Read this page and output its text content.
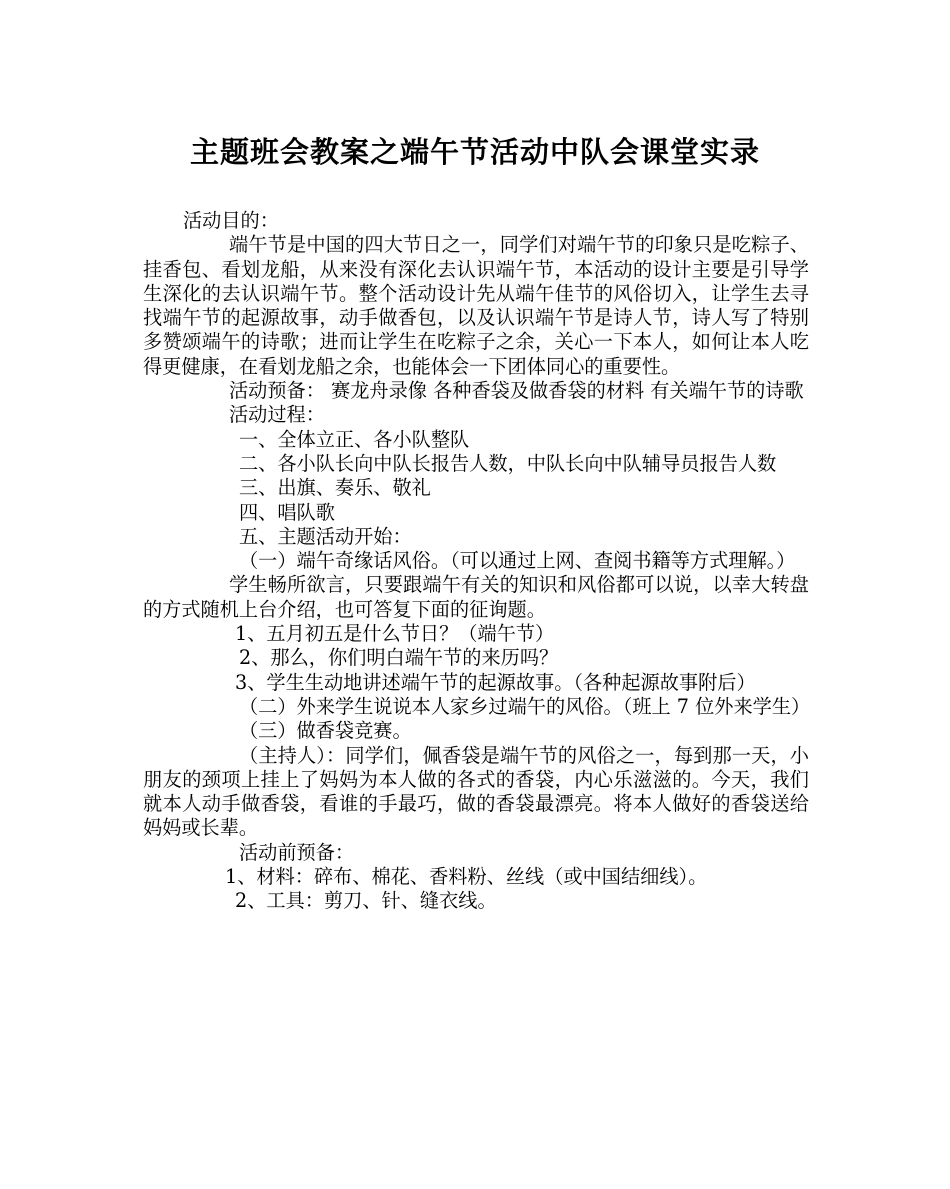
主题班会教案之端午节活动中队会课堂实录

活动目的：

端午节是中国的四大节日之一，同学们对端午节的印象只是吃粽子、挂香包、看划龙船，从来没有深化去认识端午节，本活动的设计主要是引导学生深化的去认识端午节。整个活动设计先从端午佳节的风俗切入，让学生去寻找端午节的起源故事，动手做香包，以及认识端午节是诗人节，诗人写了特别多赞颂端午的诗歌；进而让学生在吃粽子之余，关心一下本人，如何让本人吃得更健康，在看划龙船之余，也能体会一下团体同心的重要性。

活动预备： 赛龙舟录像 各种香袋及做香袋的材料 有关端午节的诗歌

活动过程：

一、全体立正、各小队整队

二、各小队长向中队长报告人数，中队长向中队辅导员报告人数

三、出旗、奏乐、敬礼

四、唱队歌

五、主题活动开始：

（一）端午奇缘话风俗。（可以通过上网、查阅书籍等方式理解。）

学生畅所欲言，只要跟端午有关的知识和风俗都可以说，以幸大转盘的方式随机上台介绍，也可答复下面的征询题。

1、五月初五是什么节日？（端午节）

2、那么，你们明白端午节的来历吗？

3、学生生动地讲述端午节的起源故事。（各种起源故事附后）

（二）外来学生说说本人家乡过端午的风俗。（班上 7 位外来学生）

（三）做香袋竞赛。

（主持人）：同学们，佩香袋是端午节的风俗之一，每到那一天，小朋友的颈项上挂上了妈妈为本人做的各式的香袋，内心乐滋滋的。今天，我们就本人动手做香袋，看谁的手最巧，做的香袋最漂亮。将本人做好的香袋送给妈妈或长辈。

活动前预备：

1、材料：碎布、棉花、香料粉、丝线（或中国结细线）。

2、工具：剪刀、针、缝衣线。
